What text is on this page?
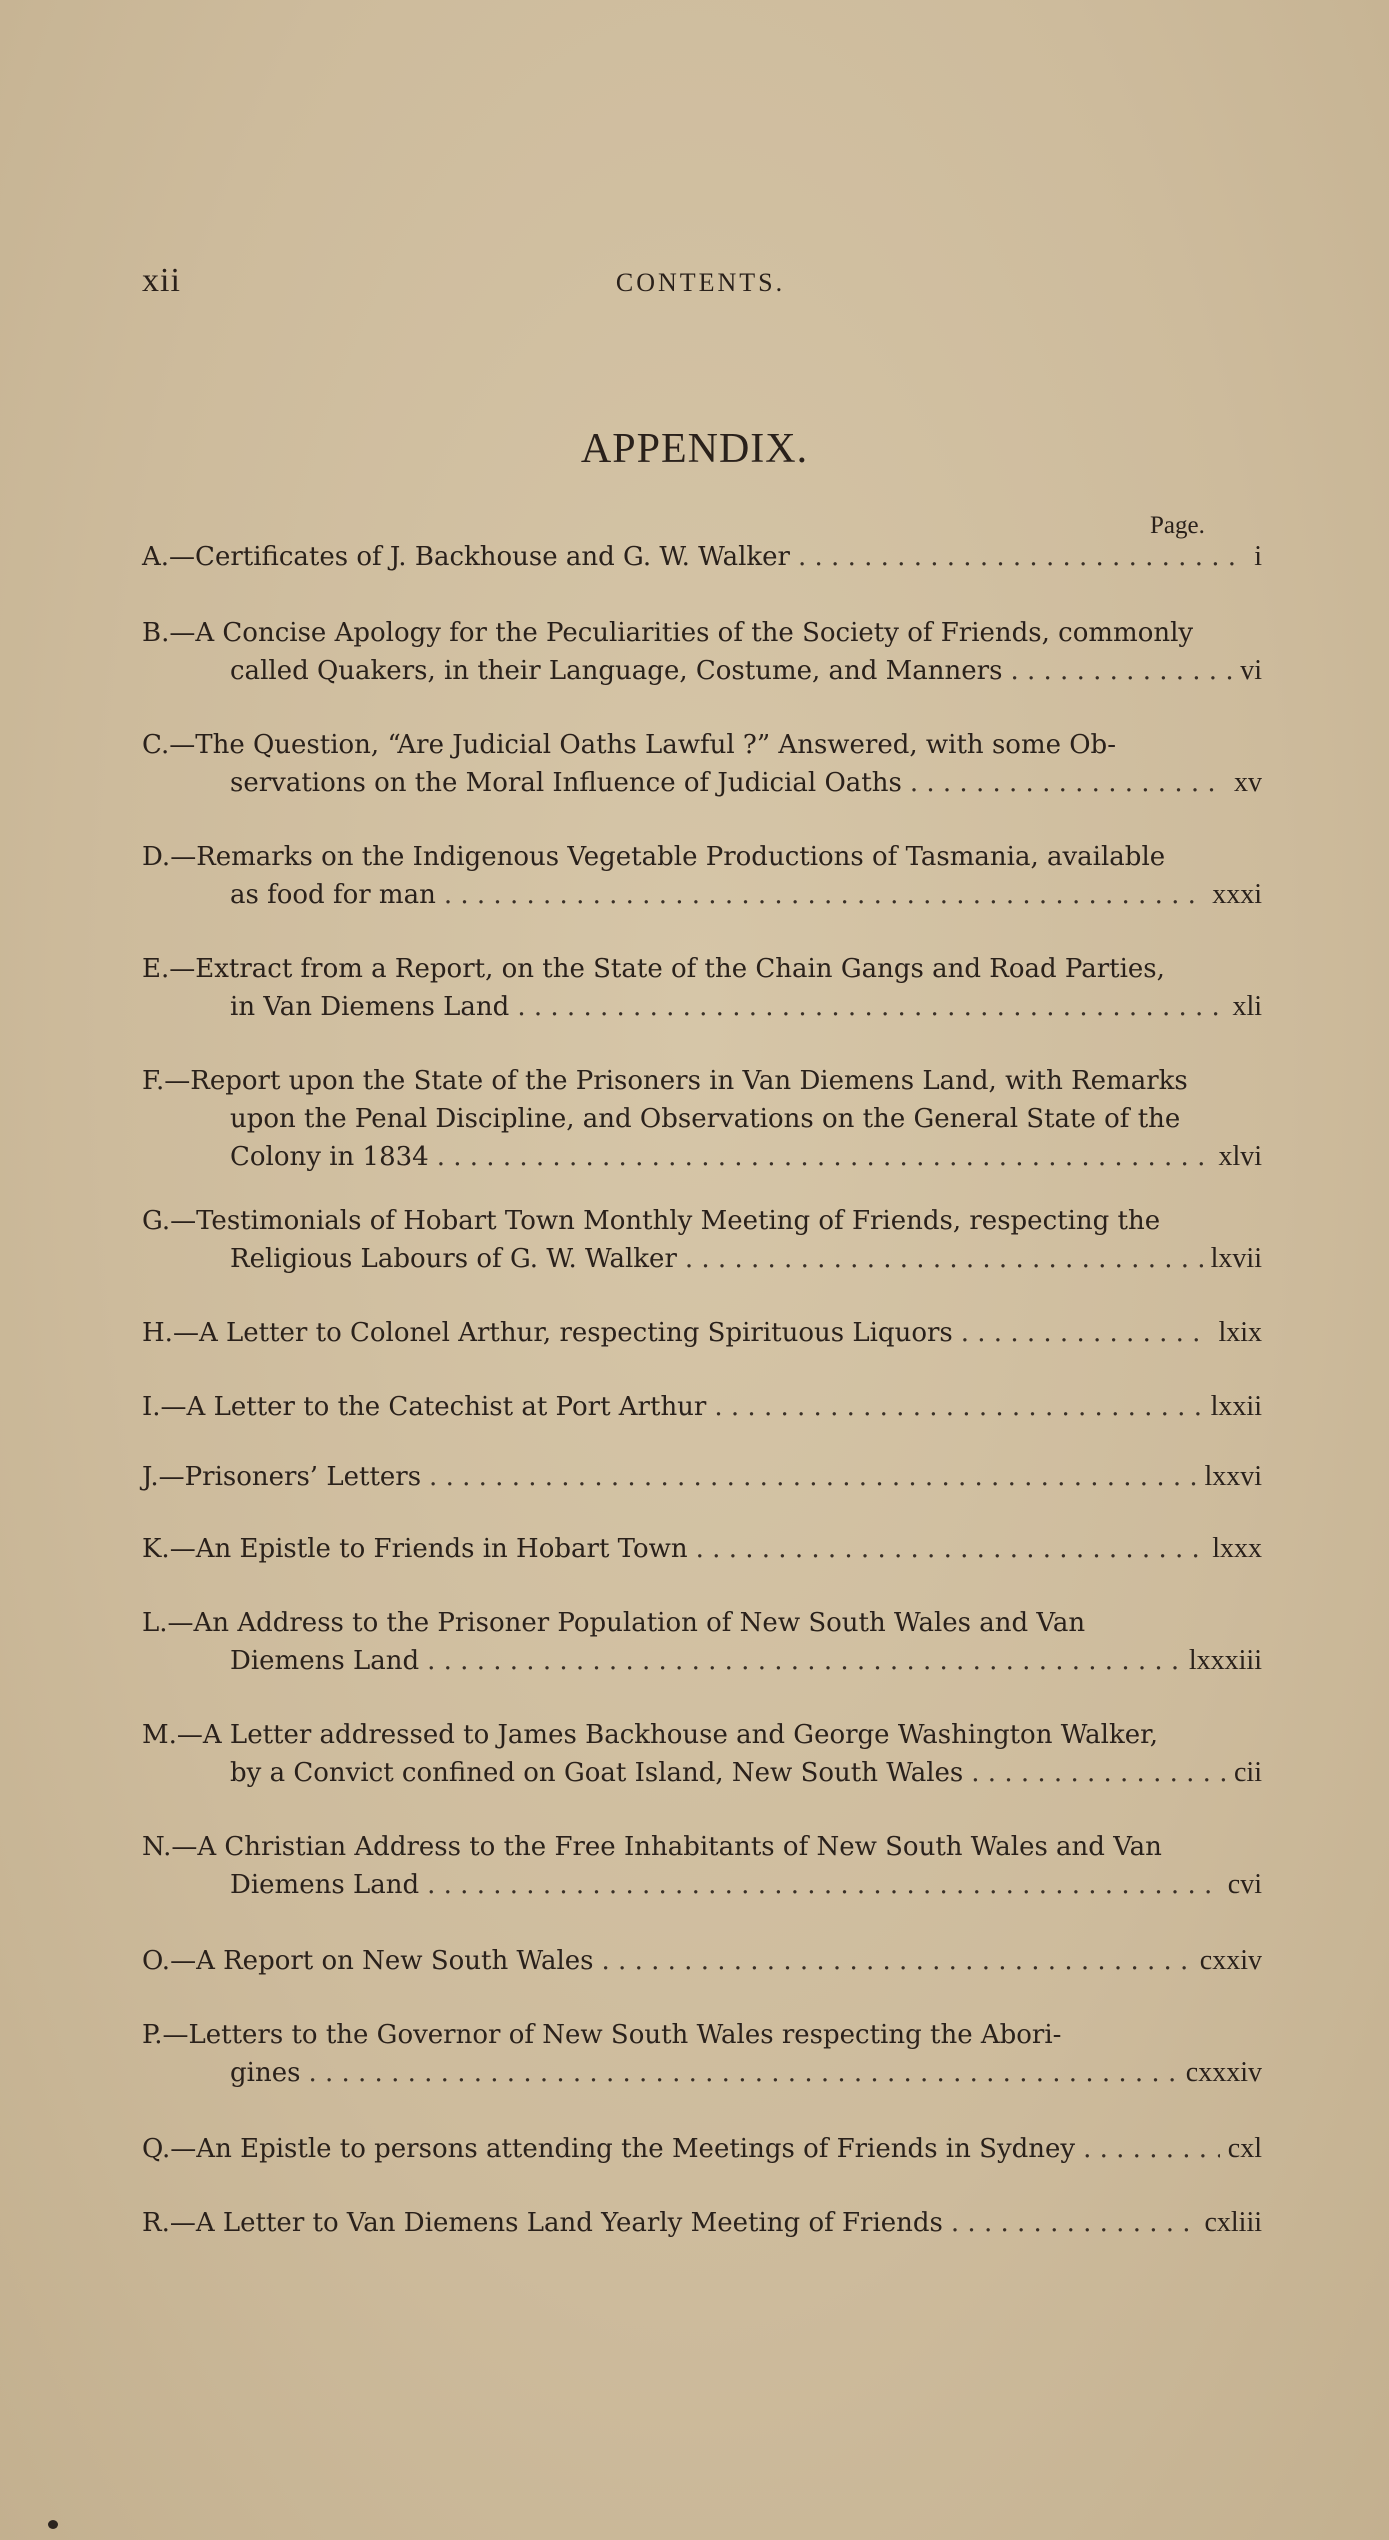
xii	CONTENTS.
APPENDIX.
Page.
A. —Certificates of J. Backhouse and G. W. Walker . . .	i
B. —A Concise Apology for the Peculiarities of the Society of Friends, commonly
called Quakers, in their Language, Costume, and Manners . . .	vi
C. —The Question, “Are Judicial Oaths Lawful ?” Answered, with some Ob-
servations on the Moral Influence of Judicial Oaths . . .	xv
D. —Remarks on the Indigenous Vegetable Productions of Tasmania, available
as food for man . . .	xxxi
E. —Extract from a Report, on the State of the Chain Gangs and Road Parties,
in Van Diemens Land . . .	xli
F. —Report upon the State of the Prisoners in Van Diemens Land, with Remarks
upon the Penal Discipline, and Observations on the General State of the
Colony in 1834 . . .	xlvi
G. —Testimonials of Hobart Town Monthly Meeting of Friends, respecting the
Religious Labours of G. W. Walker . . .	lxvii
H. —A Letter to Colonel Arthur, respecting Spirituous Liquors . . .	lxix
I. —A Letter to the Catechist at Port Arthur . . .	lxxii
J. —Prisoners’ Letters . . .	lxxvi
K. —An Epistle to Friends in Hobart Town . . .	lxxx
L. —An Address to the Prisoner Population of New South Wales and Van
Diemens Land . . .	lxxxiii
M. —A Letter addressed to James Backhouse and George Washington Walker,
by a Convict confined on Goat Island, New South Wales . . .	cii
N. —A Christian Address to the Free Inhabitants of New South Wales and Van
Diemens Land . . .	cvi
O. —A Report on New South Wales . . .	cxxiv
P. —Letters to the Governor of New South Wales respecting the Abori-
gines . . .	cxxxiv
Q. —An Epistle to persons attending the Meetings of Friends in Sydney . . .	cxl
R. —A Letter to Van Diemens Land Yearly Meeting of Friends . . .	cxliii
